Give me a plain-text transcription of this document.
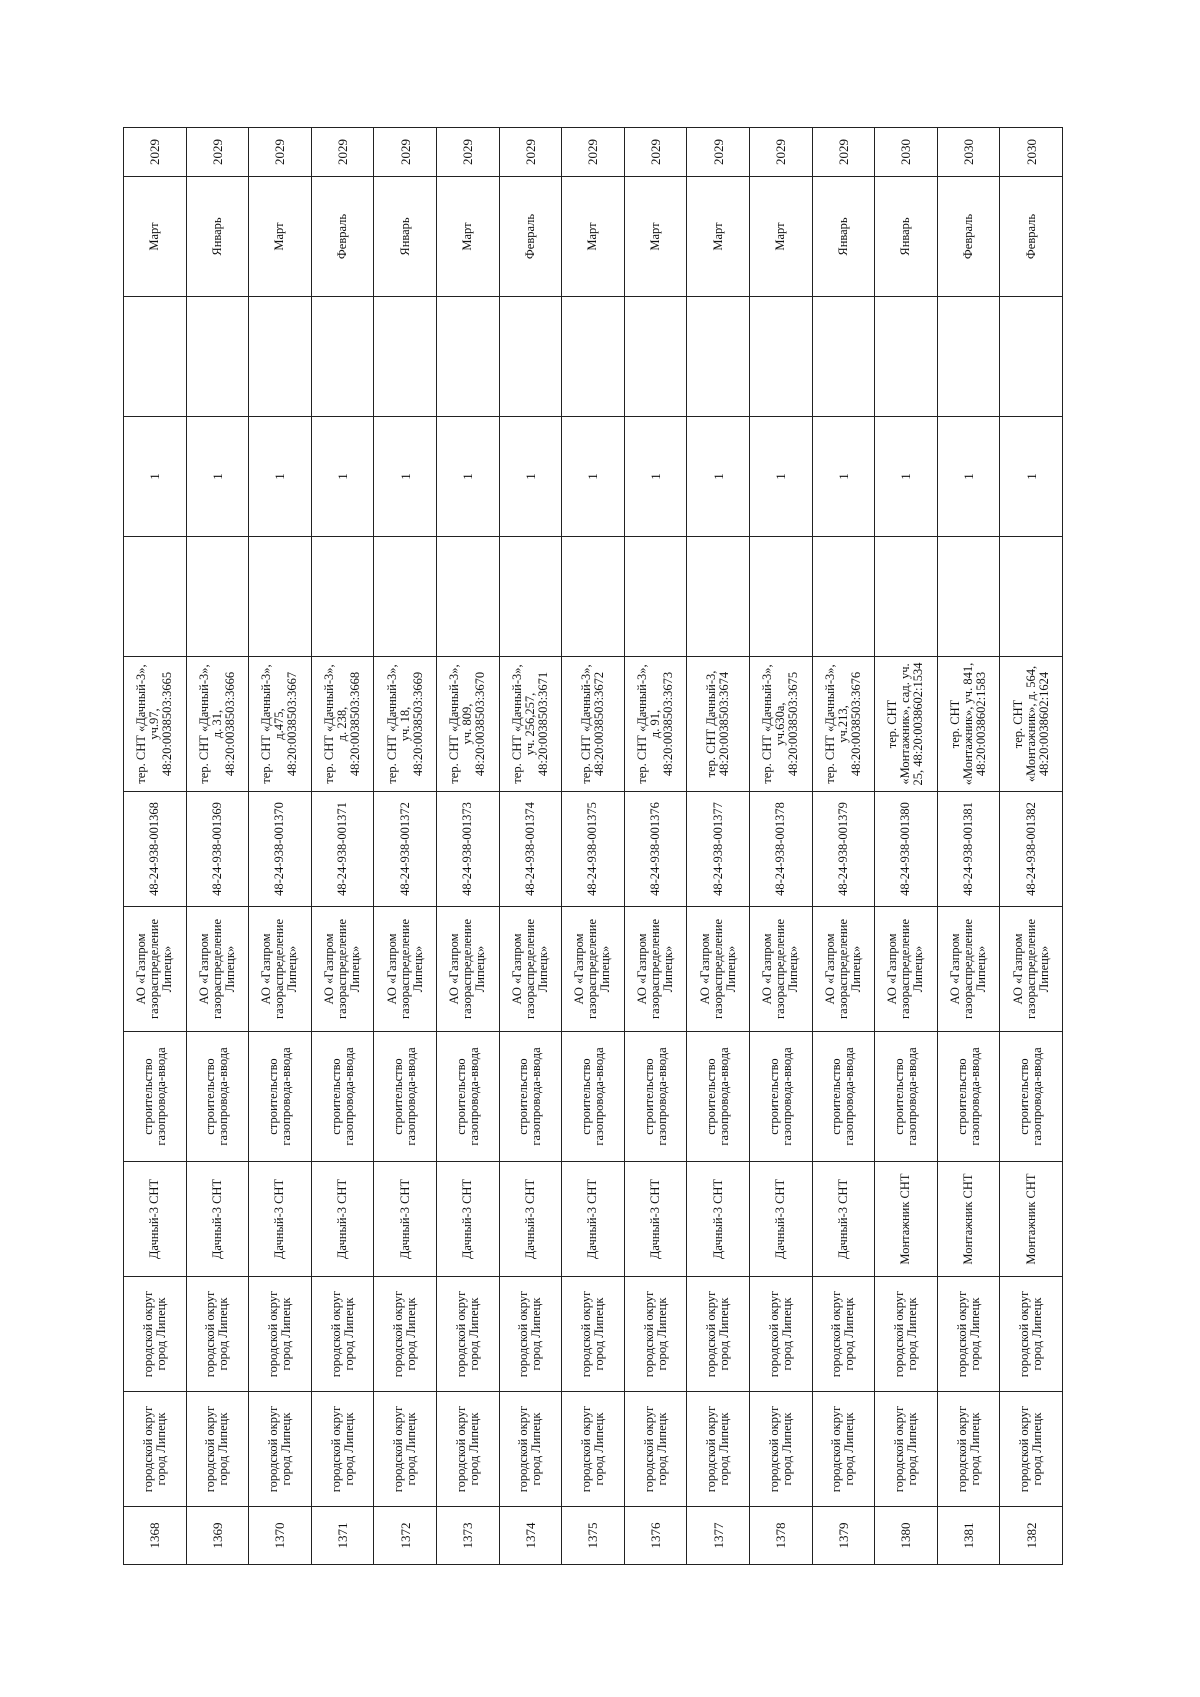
1368	городской округ город Липецк	городской округ город Липецк	Дачный-3 СНТ	строительство газопровода-ввода	АО «Газпром газораспределение Липецк»	48-24-938-001368	тер. СНТ «Дачный-3», уч.97, 48:20:0038503:3665		1		Март	2029
1369	городской округ город Липецк	городской округ город Липецк	Дачный-3 СНТ	строительство газопровода-ввода	АО «Газпром газораспределение Липецк»	48-24-938-001369	тер. СНТ «Дачный-3», д. 31, 48:20:0038503:3666		1		Январь	2029
1370	городской округ город Липецк	городской округ город Липецк	Дачный-3 СНТ	строительство газопровода-ввода	АО «Газпром газораспределение Липецк»	48-24-938-001370	тер. СНТ «Дачный-3», д.475, 48:20:0038503:3667		1		Март	2029
1371	городской округ город Липецк	городской округ город Липецк	Дачный-3 СНТ	строительство газопровода-ввода	АО «Газпром газораспределение Липецк»	48-24-938-001371	тер. СНТ «Дачный-3», д. 238, 48:20:0038503:3668		1		Февраль	2029
1372	городской округ город Липецк	городской округ город Липецк	Дачный-3 СНТ	строительство газопровода-ввода	АО «Газпром газораспределение Липецк»	48-24-938-001372	тер. СНТ «Дачный-3», уч. 18, 48:20:0038503:3669		1		Январь	2029
1373	городской округ город Липецк	городской округ город Липецк	Дачный-3 СНТ	строительство газопровода-ввода	АО «Газпром газораспределение Липецк»	48-24-938-001373	тер. СНТ «Дачный-3», уч. 809, 48:20:0038503:3670		1		Март	2029
1374	городской округ город Липецк	городской округ город Липецк	Дачный-3 СНТ	строительство газопровода-ввода	АО «Газпром газораспределение Липецк»	48-24-938-001374	тер. СНТ «Дачный-3», уч. 256,257, 48:20:0038503:3671		1		Февраль	2029
1375	городской округ город Липецк	городской округ город Липецк	Дачный-3 СНТ	строительство газопровода-ввода	АО «Газпром газораспределение Липецк»	48-24-938-001375	тер. СНТ «Дачный-3», 48:20:0038503:3672		1		Март	2029
1376	городской округ город Липецк	городской округ город Липецк	Дачный-3 СНТ	строительство газопровода-ввода	АО «Газпром газораспределение Липецк»	48-24-938-001376	тер. СНТ «Дачный-3», д. 91, 48:20:0038503:3673		1		Март	2029
1377	городской округ город Липецк	городской округ город Липецк	Дачный-3 СНТ	строительство газопровода-ввода	АО «Газпром газораспределение Липецк»	48-24-938-001377	тер. СНТ Дачный-3, 48:20:0038503:3674		1		Март	2029
1378	городской округ город Липецк	городской округ город Липецк	Дачный-3 СНТ	строительство газопровода-ввода	АО «Газпром газораспределение Липецк»	48-24-938-001378	тер. СНТ «Дачный-3», уч.630а, 48:20:0038503:3675		1		Март	2029
1379	городской округ город Липецк	городской округ город Липецк	Дачный-3 СНТ	строительство газопровода-ввода	АО «Газпром газораспределение Липецк»	48-24-938-001379	тер. СНТ «Дачный-3», уч.213, 48:20:0038503:3676		1		Январь	2029
1380	городской округ город Липецк	городской округ город Липецк	Монтажник СНТ	строительство газопровода-ввода	АО «Газпром газораспределение Липецк»	48-24-938-001380	тер. СНТ «Монтажник», сад. уч. 25, 48:20:0038602:1534		1		Январь	2030
1381	городской округ город Липецк	городской округ город Липецк	Монтажник СНТ	строительство газопровода-ввода	АО «Газпром газораспределение Липецк»	48-24-938-001381	тер. СНТ «Монтажник», уч. 841, 48:20:0038602:1583		1		Февраль	2030
1382	городской округ город Липецк	городской округ город Липецк	Монтажник СНТ	строительство газопровода-ввода	АО «Газпром газораспределение Липецк»	48-24-938-001382	тер. СНТ «Монтажник», д. 564, 48:20:0038602:1624		1		Февраль	2030
